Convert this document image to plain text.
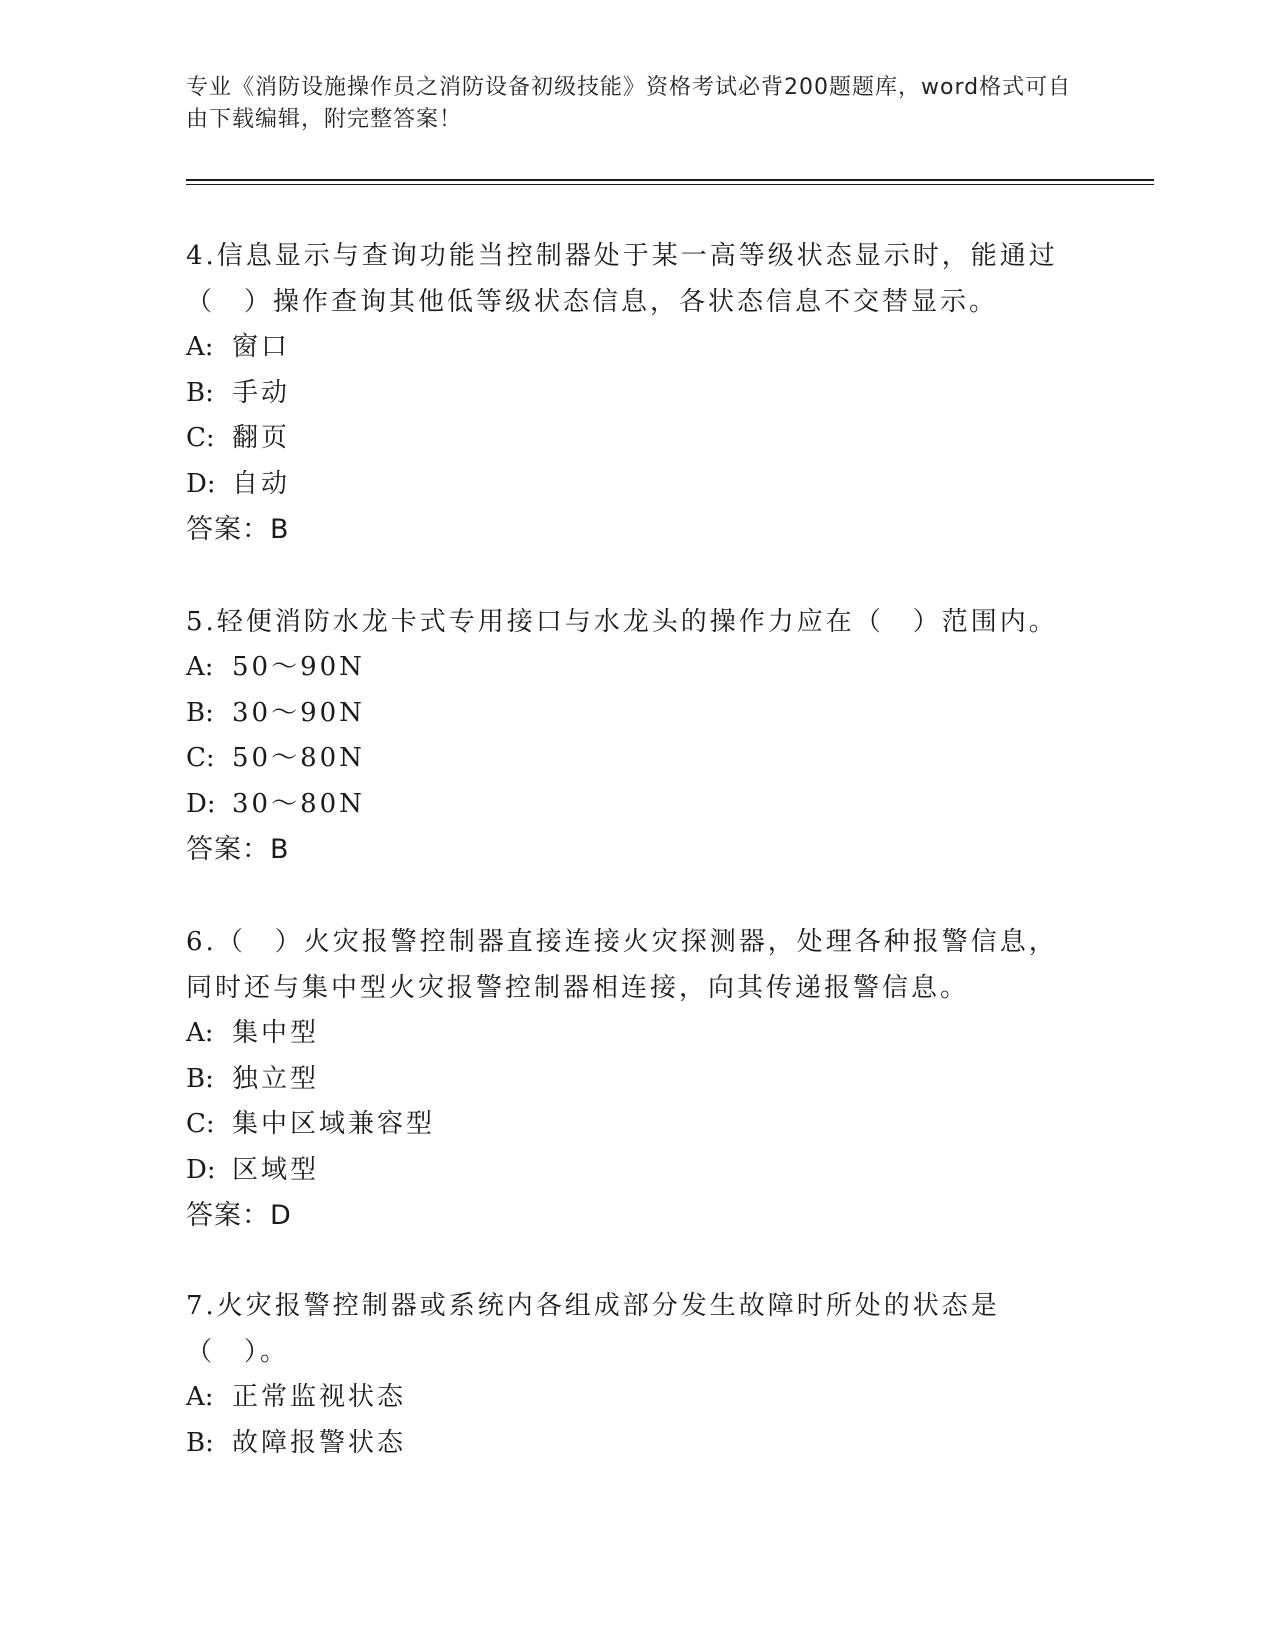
专业《消防设施操作员之消防设备初级技能》资格考试必背200题题库，word格式可自由下载编辑，附完整答案！

4.信息显示与查询功能当控制器处于某一高等级状态显示时，能通过（　）操作查询其他低等级状态信息，各状态信息不交替显示。

A: 窗口

B: 手动

C: 翻页

D: 自动

答案：B

5.轻便消防水龙卡式专用接口与水龙头的操作力应在（　）范围内。

A: 50～90N

B: 30～90N

C: 50～80N

D: 30～80N

答案：B

6.（　）火灾报警控制器直接连接火灾探测器，处理各种报警信息，同时还与集中型火灾报警控制器相连接，向其传递报警信息。

A: 集中型

B: 独立型

C: 集中区域兼容型

D: 区域型

答案：D

7.火灾报警控制器或系统内各组成部分发生故障时所处的状态是（　）。

A: 正常监视状态

B: 故障报警状态
